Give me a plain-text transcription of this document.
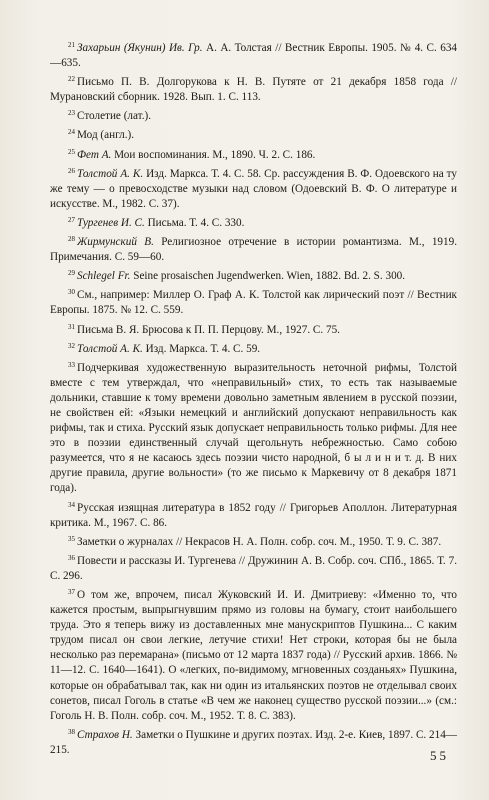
$^{21}$ Захарьин (Якунин) Ив. Гр. А. А. Толстая // Вестник Европы. 1905. № 4. С. 634—635.

$^{22}$ Письмо П. В. Долгорукова к Н. В. Путяте от 21 декабря 1858 года // Мурановский сборник. 1928. Вып. 1. С. 113.

$^{23}$ Столетие (лат.).

$^{24}$ Мод (англ.).

$^{25}$ Фет А. Мои воспоминания. М., 1890. Ч. 2. С. 186.

$^{26}$ Толстой А. К. Изд. Маркса. Т. 4. С. 58. Ср. рассуждения В. Ф. Одоевского на ту же тему — о превосходстве музыки над словом (Одоевский В. Ф. О литературе и искусстве. М., 1982. С. 37).

$^{27}$ Тургенев И. С. Письма. Т. 4. С. 330.

$^{28}$ Жирмунский В. Религиозное отречение в истории романтизма. М., 1919. Примечания. С. 59—60.

$^{29}$ Schlegel Fr. Seine prosaischen Jugendwerken. Wien, 1882. Bd. 2. S. 300.

$^{30}$ См., например: Миллер О. Граф А. К. Толстой как лирический поэт // Вестник Европы. 1875. № 12. С. 559.

$^{31}$ Письма В. Я. Брюсова к П. П. Перцову. М., 1927. С. 75.

$^{32}$ Толстой А. К. Изд. Маркса. Т. 4. С. 59.

$^{33}$ Подчеркивая художественную выразительность неточной рифмы, Толстой вместе с тем утверждал, что «неправильный» стих, то есть так называемые дольники, ставшие к тому времени довольно заметным явлением в русской поэзии, не свойствен ей: «Языки немецкий и английский допускают неправильность как рифмы, так и стиха. Русский язык допускает неправильность только рифмы. Для нее это в поэзии единственный случай щегольнуть небрежностью. Само собою разумеется, что я не касаюсь здесь поэзии чисто народной, б ы л и н и т. д. В них другие правила, другие вольности» (то же письмо к Маркевичу от 8 декабря 1871 года).

$^{34}$ Русская изящная литература в 1852 году // Григорьев Аполлон. Литературная критика. М., 1967. С. 86.

$^{35}$ Заметки о журналах // Некрасов Н. А. Полн. собр. соч. М., 1950. Т. 9. С. 387.

$^{36}$ Повести и рассказы И. Тургенева // Дружинин А. В. Собр. соч. СПб., 1865. Т. 7. С. 296.

$^{37}$ О том же, впрочем, писал Жуковский И. И. Дмитриеву: «Именно то, что кажется простым, выпрыгнувшим прямо из головы на бумагу, стоит наибольшего труда. Это я теперь вижу из доставленных мне манускриптов Пушкина... С каким трудом писал он свои легкие, летучие стихи! Нет строки, которая бы не была несколько раз перемарана» (письмо от 12 марта 1837 года) // Русский архив. 1866. № 11—12. С. 1640—1641). О «легких, по-видимому, мгновенных созданьях» Пушкина, которые он обрабатывал так, как ни один из итальянских поэтов не отделывал своих сонетов, писал Гоголь в статье «В чем же наконец существо русской поэзии...» (см.: Гоголь Н. В. Полн. собр. соч. М., 1952. Т. 8. С. 383).

$^{38}$ Страхов Н. Заметки о Пушкине и других поэтах. Изд. 2-е. Киев, 1897. С. 214—215.	55
